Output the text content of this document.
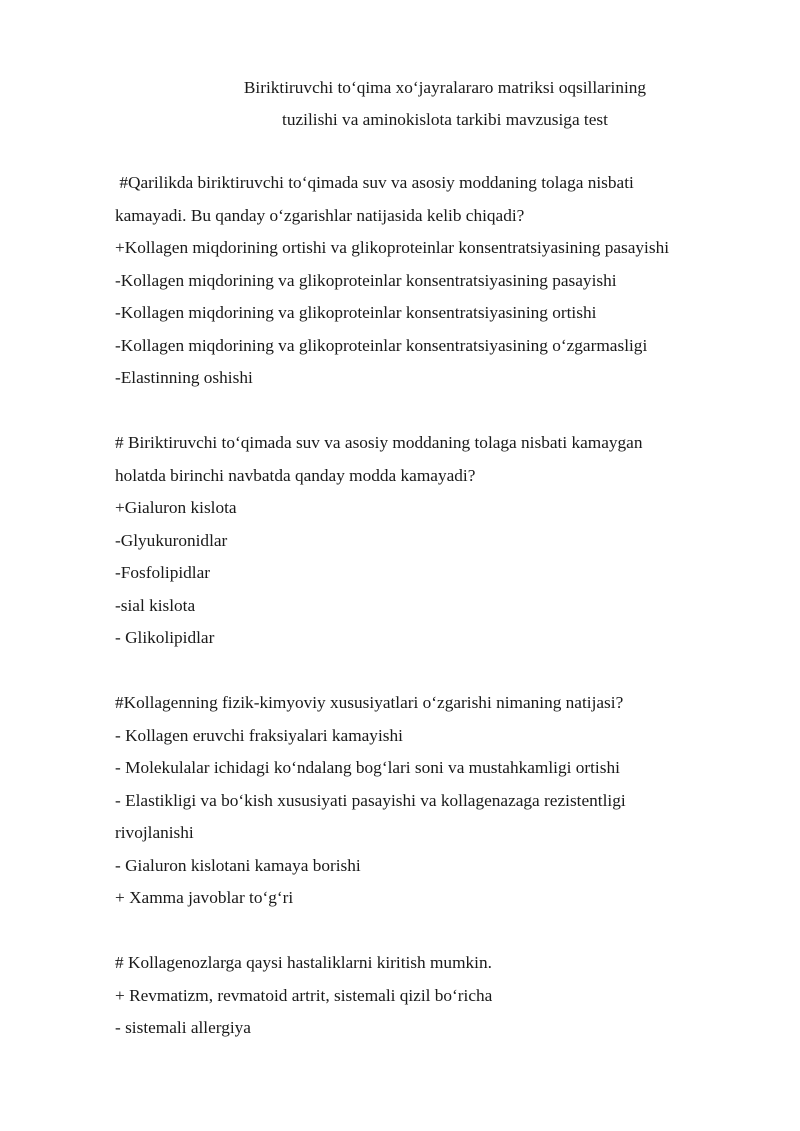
Biriktiruvchi to‘qima xo‘jayralararo matriksi oqsillarining
tuzilishi va aminokislota tarkibi mavzusiga test
#Qarilikda biriktiruvchi to‘qimada suv va asosiy moddaning tolaga nisbati
kamayadi. Bu qanday o‘zgarishlar natijasida kelib chiqadi?
+Kollagen miqdorining ortishi va glikoproteinlar konsentratsiyasining pasayishi
-Kollagen miqdorining va glikoproteinlar konsentratsiyasining pasayishi
-Kollagen miqdorining va glikoproteinlar konsentratsiyasining ortishi
-Kollagen miqdorining va glikoproteinlar konsentratsiyasining o‘zgarmasligi
-Elastinning oshishi
# Biriktiruvchi to‘qimada suv va asosiy moddaning tolaga nisbati kamaygan
holatda birinchi navbatda qanday modda kamayadi?
+Gialuron kislota
-Glyukuronidlar
-Fosfolipidlar
-sial kislota
- Glikolipidlar
#Kollagenning fizik-kimyoviy xususiyatlari o‘zgarishi nimaning natijasi?
- Kollagen eruvchi fraksiyalari kamayishi
- Molekulalar ichidagi ko‘ndalang bog‘lari soni va mustahkamligi ortishi
- Elastikligi va bo‘kish xususiyati pasayishi va kollagenazaga rezistentligi
rivojlanishi
- Gialuron kislotani kamaya borishi
+ Xamma javoblar to‘g‘ri
# Kollagenozlarga qaysi hastaliklarni kiritish mumkin.
+ Revmatizm, revmatoid artrit, sistemali qizil bo‘richa
- sistemali allergiya
